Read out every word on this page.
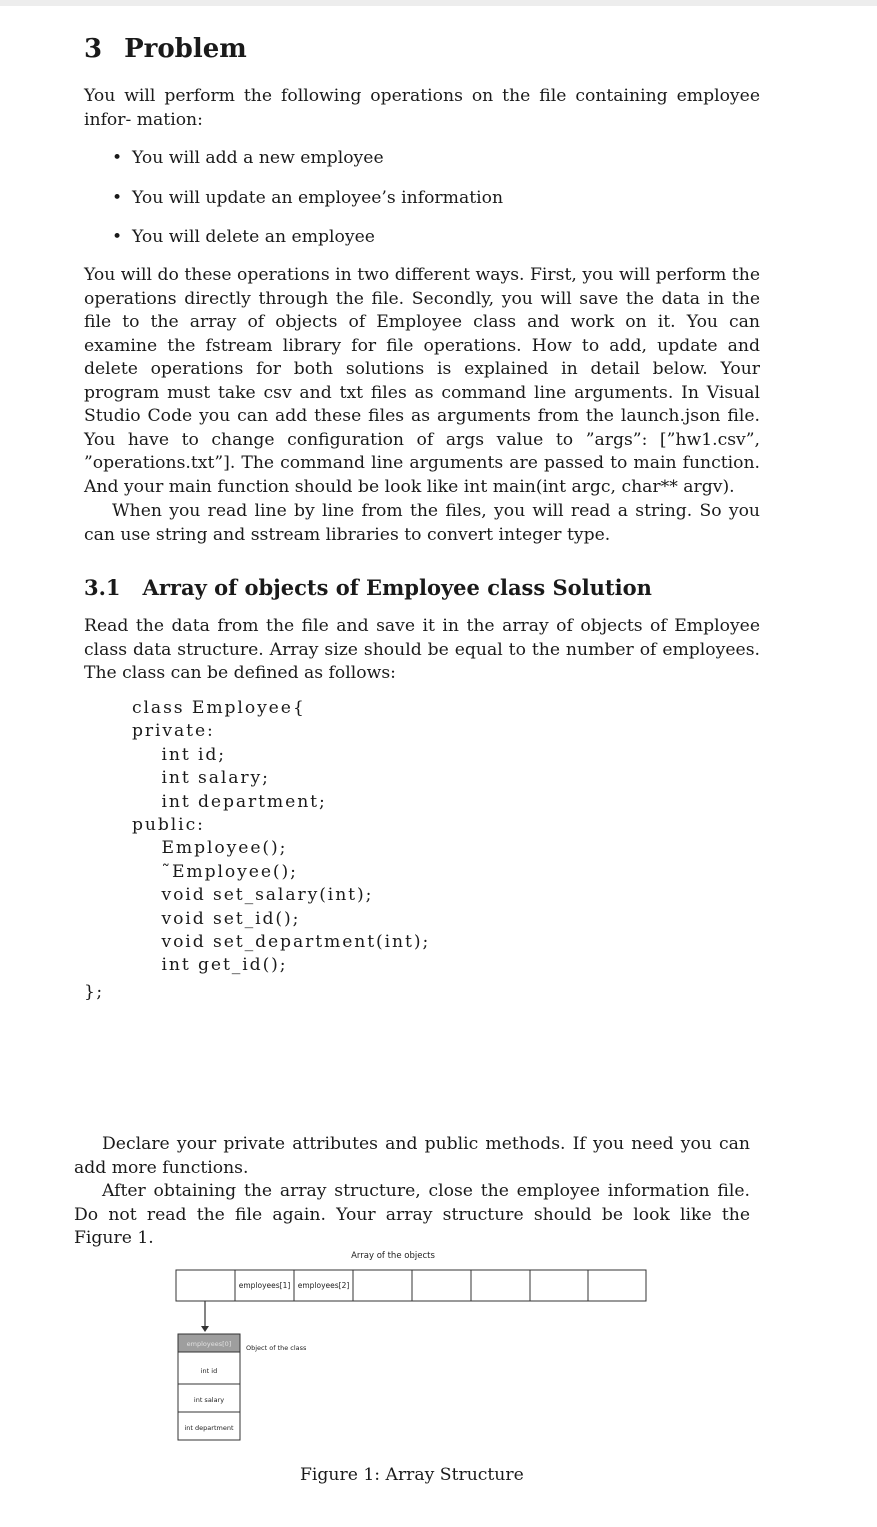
3 Problem
You will perform the following operations on the file containing employee infor- mation:
• You will add a new employee
• You will update an employee’s information
• You will delete an employee
You will do these operations in two different ways. First, you will perform the operations directly through the file. Secondly, you will save the data in the file to the array of objects of Employee class and work on it. You can examine the fstream library for file operations. How to add, update and delete operations for both solutions is explained in detail below. Your program must take csv and txt files as command line arguments. In Visual Studio Code you can add these files as arguments from the launch.json file. You have to change configuration of args value to ”args”: [”hw1.csv”, ”operations.txt”]. The command line arguments are passed to main function. And your main function should be look like int main(int argc, char** argv).
When you read line by line from the files, you will read a string. So you can use string and sstream libraries to convert integer type.
3.1 Array of objects of Employee class Solution
Read the data from the file and save it in the array of objects of Employee class data structure. Array size should be equal to the number of employees. The class can be defined as follows:
class Employee{
private:
int id;
int salary;
int department;
public:
Employee();
˜Employee();
void set_salary(int);
void set_id();
void set_department(int);
int get_id();
};
Declare your private attributes and public methods. If you need you can add more functions.
After obtaining the array structure, close the employee information file. Do not read the file again. Your array structure should be look like the Figure 1.
Array of the objects
employees[1] employees[2]
employees[0]
int id
int salary
int department
Object of the class
Figure 1: Array Structure
